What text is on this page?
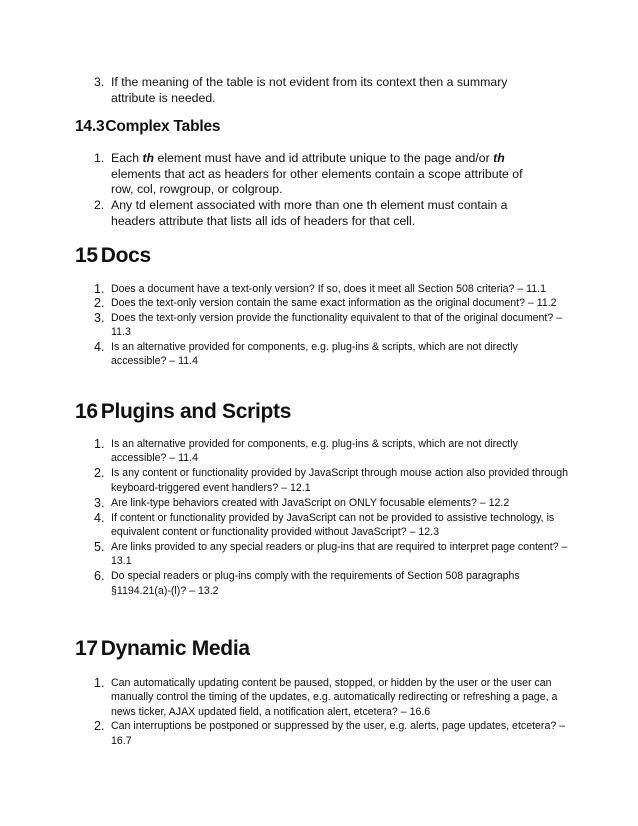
3. If the meaning of the table is not evident from its context then a summary attribute is needed.
14.3Complex Tables
1. Each th element must have and id attribute unique to the page and/or th elements that act as headers for other elements contain a scope attribute of row, col, rowgroup, or colgroup.
2. Any td element associated with more than one th element must contain a headers attribute that lists all ids of headers for that cell.
15 Docs
1. Does a document have a text-only version? If so, does it meet all Section 508 criteria? – 11.1
2. Does the text-only version contain the same exact information as the original document? – 11.2
3. Does the text-only version provide the functionality equivalent to that of the original document? – 11.3
4. Is an alternative provided for components, e.g. plug-ins & scripts, which are not directly accessible? – 11.4
16 Plugins and Scripts
1. Is an alternative provided for components, e.g. plug-ins & scripts, which are not directly accessible? – 11.4
2. Is any content or functionality provided by JavaScript through mouse action also provided through keyboard-triggered event handlers? – 12.1
3. Are link-type behaviors created with JavaScript on ONLY focusable elements? – 12.2
4. If content or functionality provided by JavaScript can not be provided to assistive technology, is equivalent content or functionality provided without JavaScript? – 12.3
5. Are links provided to any special readers or plug-ins that are required to interpret page content? – 13.1
6. Do special readers or plug-ins comply with the requirements of Section 508 paragraphs §1194.21(a)-(l)? – 13.2
17 Dynamic Media
1. Can automatically updating content be paused, stopped, or hidden by the user or the user can manually control the timing of the updates, e.g. automatically redirecting or refreshing a page, a news ticker, AJAX updated field, a notification alert, etcetera? – 16.6
2. Can interruptions be postponed or suppressed by the user, e.g. alerts, page updates, etcetera? – 16.7
